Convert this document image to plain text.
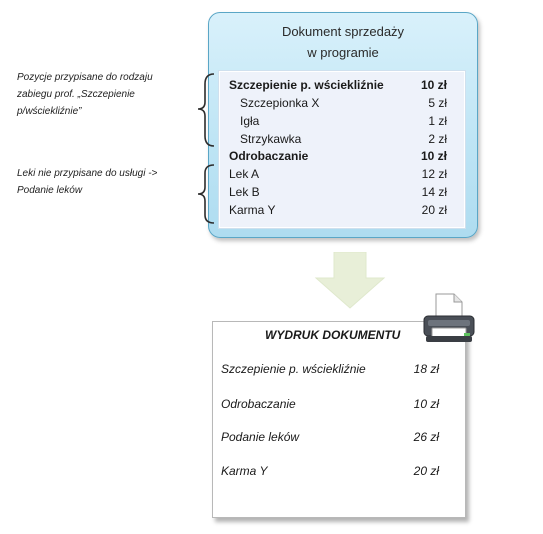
Dokument sprzedaży
w programie
Szczepienie p. wściekliźnie	10 zł
Szczepionka X	5 zł
Igła	1 zł
Strzykawka	2 zł
Odrobaczanie	10 zł
Lek A	12 zł
Lek B	14 zł
Karma Y	20 zł
Pozycje przypisane do rodzaju
zabiegu prof. „Szczepienie
p/wściekliźnie”
Leki nie przypisane do usługi ->
Podanie leków
WYDRUK DOKUMENTU
Szczepienie p. wściekliźnie	18 zł
Odrobaczanie	10 zł
Podanie leków	26 zł
Karma Y	20 zł
